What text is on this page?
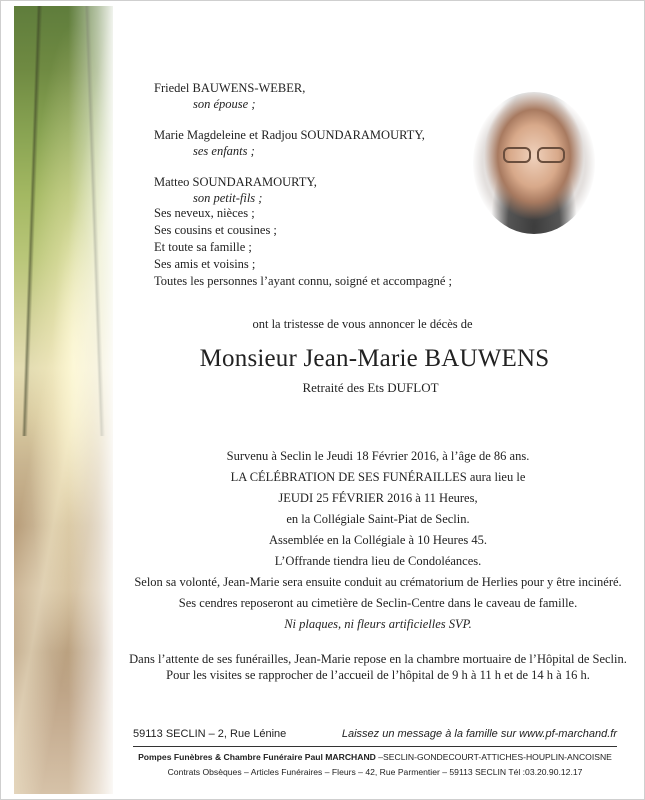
Friedel BAUWENS-WEBER,
son épouse ;
Marie Magdeleine et Radjou SOUNDARAMOURTY,
ses enfants ;
Matteo SOUNDARAMOURTY,
son petit-fils ;
Ses neveux, nièces ;
Ses cousins et cousines ;
Et toute sa famille ;
Ses amis et voisins ;
Toutes les personnes l’ayant connu, soigné et accompagné ;
ont la tristesse de vous annoncer le décès de
Monsieur Jean-Marie BAUWENS
Retraité des Ets DUFLOT
Survenu à Seclin le Jeudi 18 Février 2016, à l’âge de 86 ans.
LA CÉLÉBRATION DE SES FUNÉRAILLES aura lieu le
JEUDI 25 FÉVRIER 2016 à 11 Heures,
en la Collégiale Saint-Piat de Seclin.
Assemblée en la Collégiale à 10 Heures 45.
L’Offrande tiendra lieu de Condoléances.
Selon sa volonté, Jean-Marie sera ensuite conduit au crématorium de Herlies pour y être incinéré.
Ses cendres reposeront au cimetière de Seclin-Centre dans le caveau de famille.
Ni plaques, ni fleurs artificielles SVP.
Dans l’attente de ses funérailles, Jean-Marie repose en la chambre mortuaire de l’Hôpital de Seclin.
Pour les visites se rapprocher de l’accueil de l’hôpital de 9 h à 11 h et de 14 h à 16 h.
59113 SECLIN – 2, Rue Lénine	Laissez un message à la famille sur www.pf-marchand.fr
Pompes Funèbres & Chambre Funéraire Paul MARCHAND –SECLIN-GONDECOURT-ATTICHES-HOUPLIN-ANCOISNE
Contrats Obsèques – Articles Funéraires – Fleurs – 42, Rue Parmentier – 59113 SECLIN Tél :03.20.90.12.17
